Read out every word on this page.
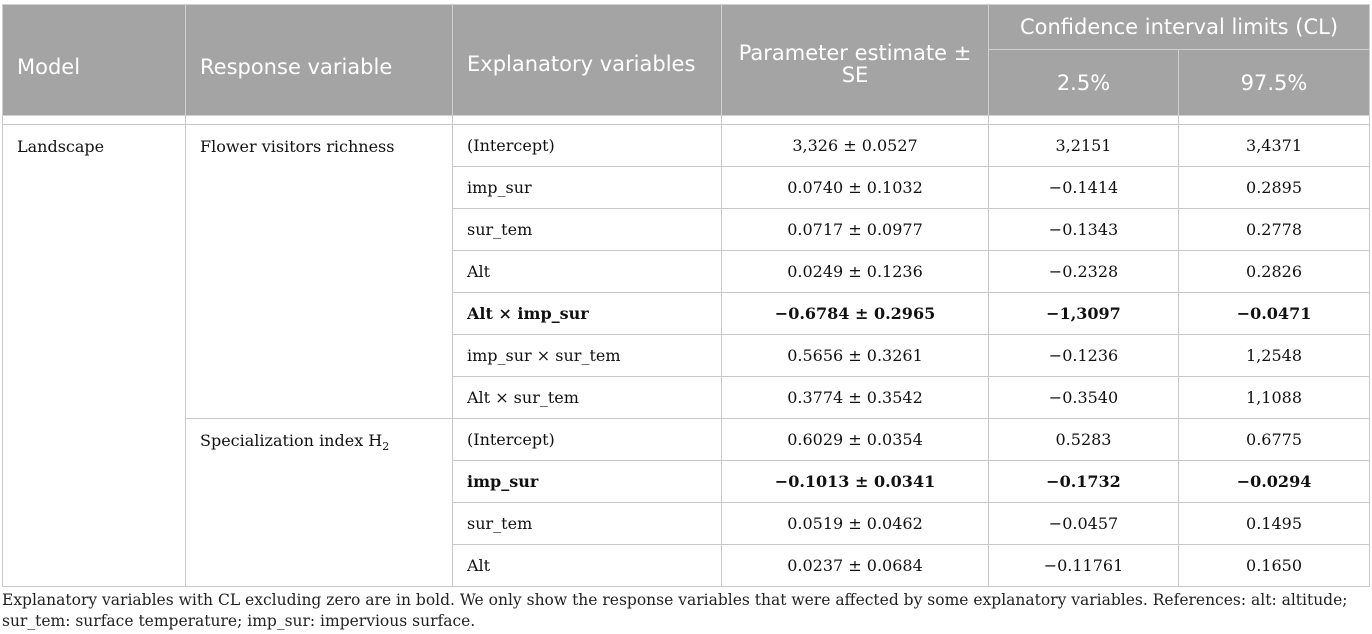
Model	Response variable	Explanatory variables	Parameter estimate ± SE	Confidence interval limits (CL)	
				2.5%	97.5%

Landscape	Flower visitors richness	(Intercept)	3,326 ± 0.0527	3,2151	3,4371
		imp_sur	0.0740 ± 0.1032	−0.1414	0.2895
		sur_tem	0.0717 ± 0.0977	−0.1343	0.2778
		Alt	0.0249 ± 0.1236	−0.2328	0.2826
		Alt × imp_sur	−0.6784 ± 0.2965	−1,3097	−0.0471
		imp_sur × sur_tem	0.5656 ± 0.3261	−0.1236	1,2548
		Alt × sur_tem	0.3774 ± 0.3542	−0.3540	1,1088
	Specialization index $H_2$	(Intercept)	0.6029 ± 0.0354	0.5283	0.6775
		imp_sur	−0.1013 ± 0.0341	−0.1732	−0.0294
		sur_tem	0.0519 ± 0.0462	−0.0457	0.1495
		Alt	0.0237 ± 0.0684	−0.11761	0.1650
Explanatory variables with CL excluding zero are in bold. We only show the response variables that were affected by some explanatory variables. References: alt: altitude; sur_tem: surface temperature; imp_sur: impervious surface.
